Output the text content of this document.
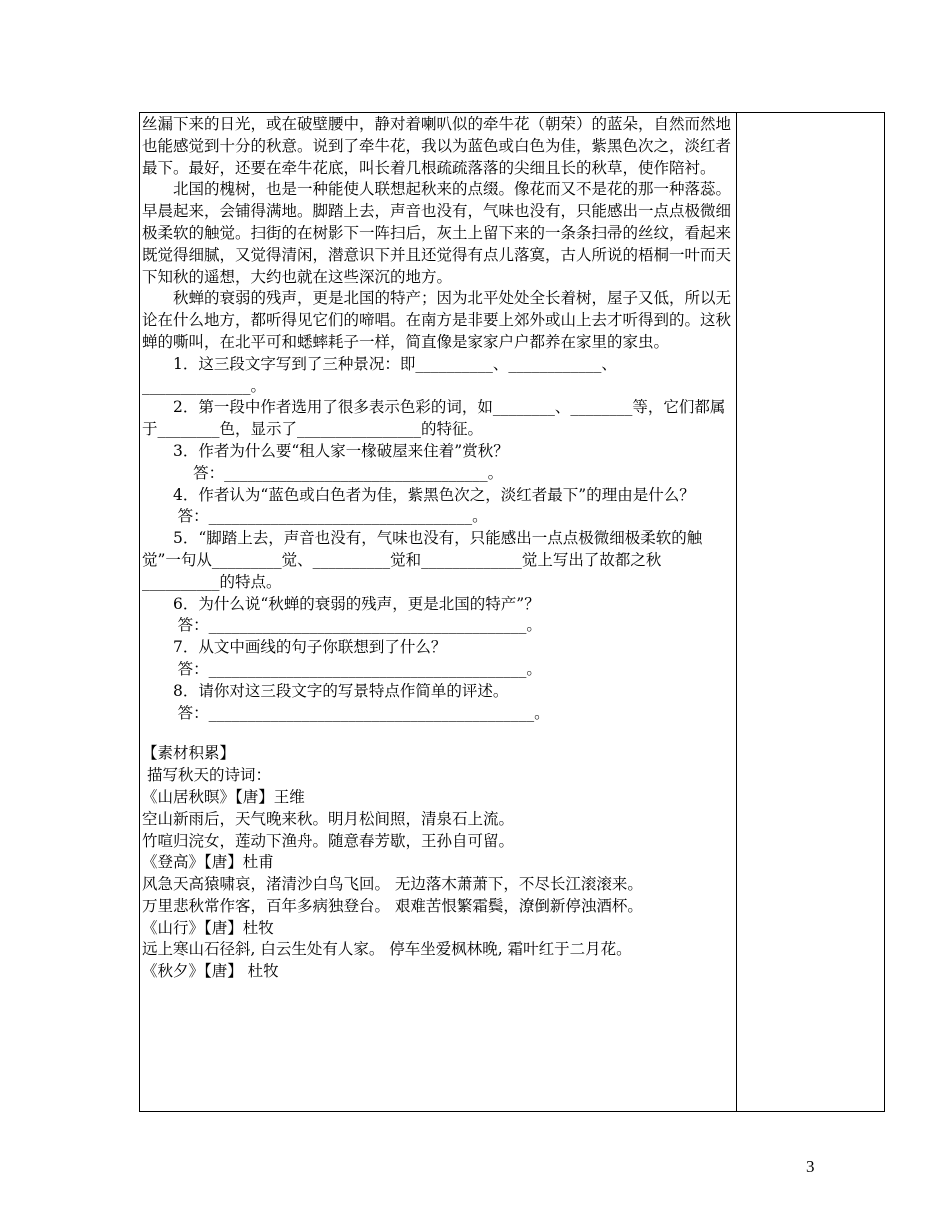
丝漏下来的日光，或在破壁腰中，静对着喇叭似的牵牛花（朝荣）的蓝朵，自然而然地也能感觉到十分的秋意。说到了牵牛花，我以为蓝色或白色为佳，紫黑色次之，淡红者最下。最好，还要在牵牛花底，叫长着几根疏疏落落的尖细且长的秋草，使作陪衬。

北国的槐树，也是一种能使人联想起秋来的点缀。像花而又不是花的那一种落蕊。早晨起来，会铺得满地。脚踏上去，声音也没有，气味也没有，只能感出一点点极微细极柔软的触觉。扫街的在树影下一阵扫后，灰土上留下来的一条条扫帚的丝纹，看起来既觉得细腻，又觉得清闲，潜意识下并且还觉得有点儿落寞，古人所说的梧桐一叶而天下知秋的遥想，大约也就在这些深沉的地方。

秋蝉的衰弱的残声，更是北国的特产；因为北平处处全长着树，屋子又低，所以无论在什么地方，都听得见它们的啼唱。在南方是非要上郊外或山上去才听得到的。这秋蝉的嘶叫，在北平可和蟋蟀耗子一样，简直像是家家户户都养在家里的家虫。

1．这三段文字写到了三种景况：即__________、____________、______________。

2．第一段中作者选用了很多表示色彩的词，如________、________等，它们都属于________色，显示了________________的特征。

3．作者为什么要“租人家一椽破屋来住着”赏秋？

答：__________________________________。

4．作者认为“蓝色或白色者为佳，紫黑色次之，淡红者最下”的理由是什么？

答：__________________________________。

5．“脚踏上去，声音也没有，气味也没有，只能感出一点点极微细极柔软的触觉”一句从_________觉、__________觉和_____________觉上写出了故都之秋__________的特点。

6．为什么说“秋蝉的衰弱的残声，更是北国的特产”？

答：_________________________________________。

7．从文中画线的句子你联想到了什么？

答：_________________________________________。

8．请你对这三段文字的写景特点作简单的评述。

答：__________________________________________。

【素材积累】

描写秋天的诗词：

《山居秋暝》【唐】王维

空山新雨后，天气晚来秋。明月松间照，清泉石上流。

竹喧归浣女，莲动下渔舟。随意春芳歇，王孙自可留。

《登高》【唐】杜甫

风急天高猿啸哀，渚清沙白鸟飞回。 无边落木萧萧下，不尽长江滚滚来。

万里悲秋常作客，百年多病独登台。 艰难苦恨繁霜鬓，潦倒新停浊酒杯。

《山行》【唐】杜牧

远上寒山石径斜, 白云生处有人家。 停车坐爱枫林晚, 霜叶红于二月花。

《秋夕》【唐】 杜牧

3
